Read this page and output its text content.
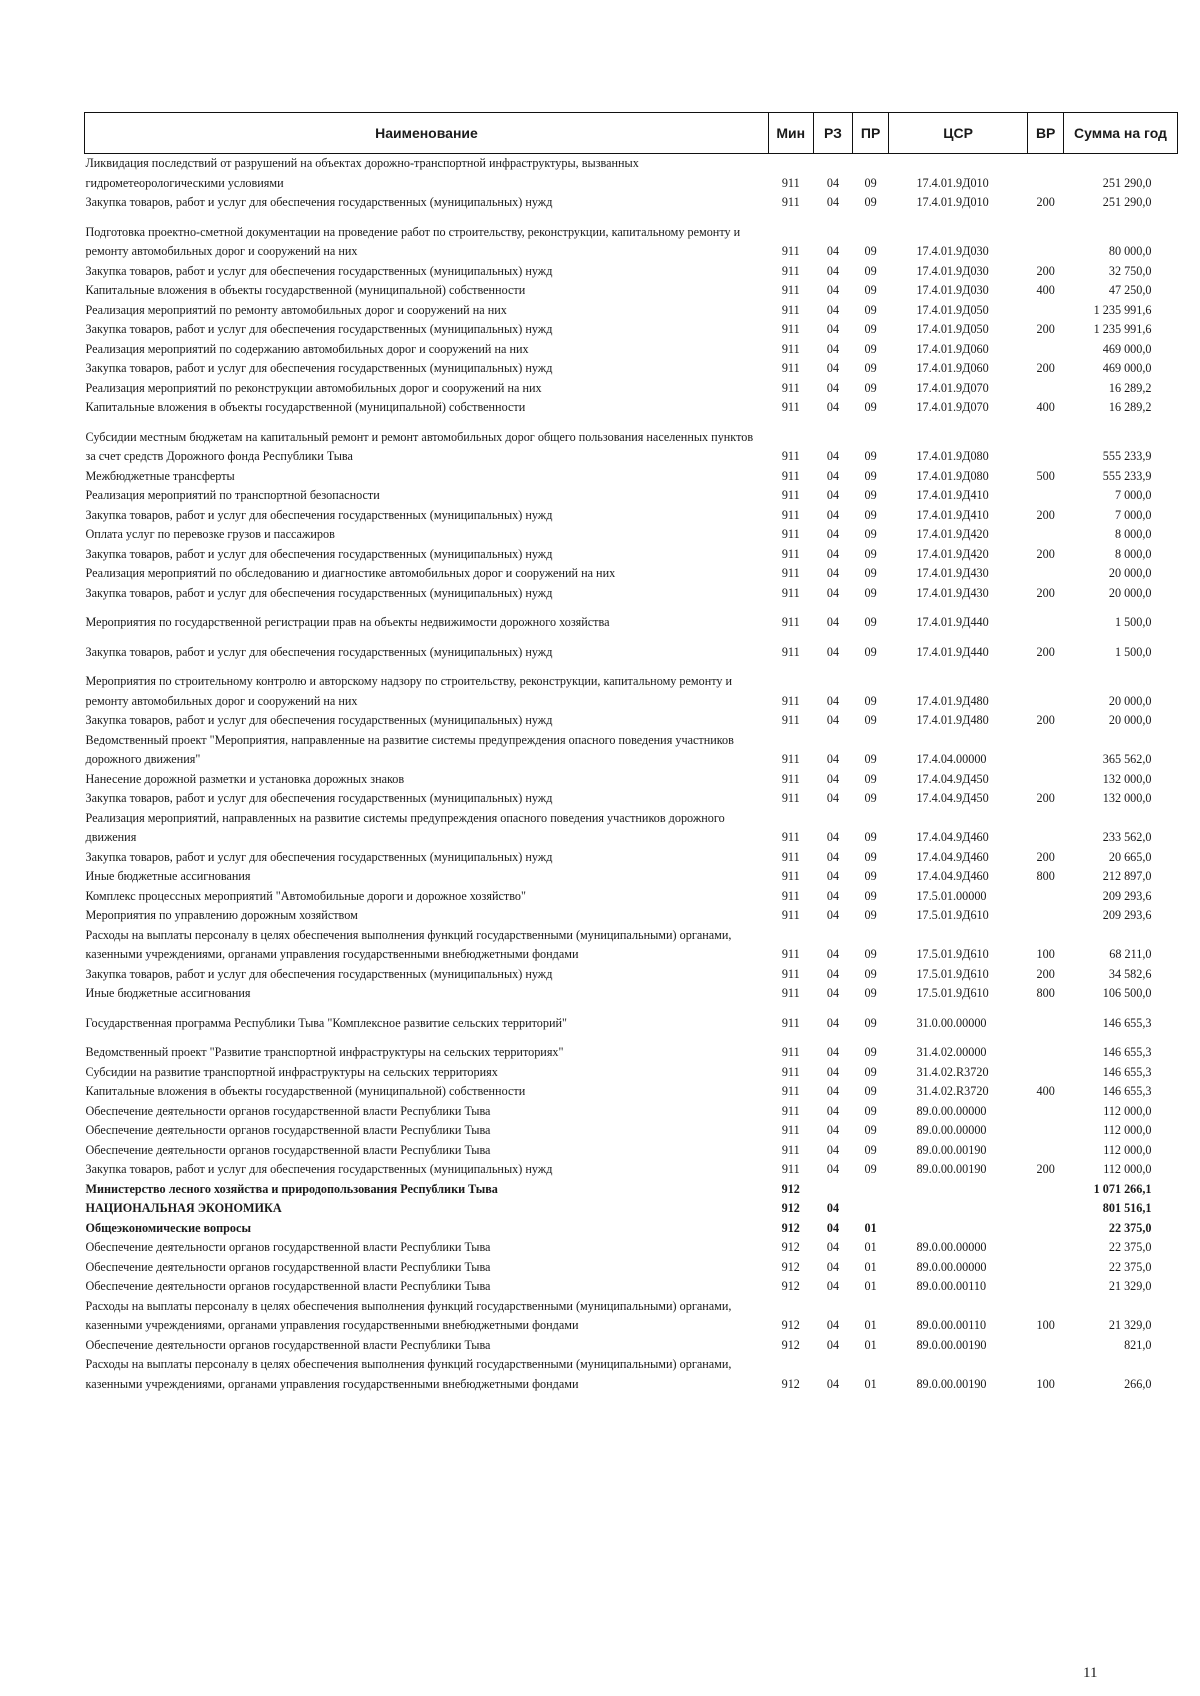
Наименование	Мин	РЗ	ПР	ЦСР	ВР	Сумма на год
Ликвидация последствий от разрушений на объектах дорожно-транспортной инфраструктуры, вызванных гидрометеорологическими условиями	911	04	09	17.4.01.9Д010		251 290,0
Закупка товаров, работ и услуг для обеспечения государственных (муниципальных) нужд	911	04	09	17.4.01.9Д010	200	251 290,0
Подготовка проектно-сметной документации на проведение работ по строительству, реконструкции, капитальному ремонту и ремонту автомобильных дорог и сооружений на них	911	04	09	17.4.01.9Д030		80 000,0
Закупка товаров, работ и услуг для обеспечения государственных (муниципальных) нужд	911	04	09	17.4.01.9Д030	200	32 750,0
Капитальные вложения в объекты государственной (муниципальной) собственности	911	04	09	17.4.01.9Д030	400	47 250,0
Реализация мероприятий по ремонту автомобильных дорог и сооружений на них	911	04	09	17.4.01.9Д050		1 235 991,6
Закупка товаров, работ и услуг для обеспечения государственных (муниципальных) нужд	911	04	09	17.4.01.9Д050	200	1 235 991,6
Реализация мероприятий по содержанию автомобильных дорог и сооружений на них	911	04	09	17.4.01.9Д060		469 000,0
Закупка товаров, работ и услуг для обеспечения государственных (муниципальных) нужд	911	04	09	17.4.01.9Д060	200	469 000,0
Реализация мероприятий по реконструкции автомобильных дорог и сооружений на них	911	04	09	17.4.01.9Д070		16 289,2
Капитальные вложения в объекты государственной (муниципальной) собственности	911	04	09	17.4.01.9Д070	400	16 289,2
Субсидии местным бюджетам на капитальный ремонт и ремонт автомобильных дорог общего пользования населенных пунктов за счет средств Дорожного фонда Республики Тыва	911	04	09	17.4.01.9Д080		555 233,9
Межбюджетные трансферты	911	04	09	17.4.01.9Д080	500	555 233,9
Реализация мероприятий по транспортной безопасности	911	04	09	17.4.01.9Д410		7 000,0
Закупка товаров, работ и услуг для обеспечения государственных (муниципальных) нужд	911	04	09	17.4.01.9Д410	200	7 000,0
Оплата услуг по перевозке грузов и пассажиров	911	04	09	17.4.01.9Д420		8 000,0
Закупка товаров, работ и услуг для обеспечения государственных (муниципальных) нужд	911	04	09	17.4.01.9Д420	200	8 000,0
Реализация мероприятий по обследованию и диагностике автомобильных дорог и сооружений на них	911	04	09	17.4.01.9Д430		20 000,0
Закупка товаров, работ и услуг для обеспечения государственных (муниципальных) нужд	911	04	09	17.4.01.9Д430	200	20 000,0
Мероприятия по государственной регистрации прав на объекты недвижимости дорожного хозяйства	911	04	09	17.4.01.9Д440		1 500,0
Закупка товаров, работ и услуг для обеспечения государственных (муниципальных) нужд	911	04	09	17.4.01.9Д440	200	1 500,0
Мероприятия по строительному контролю и авторскому надзору по строительству, реконструкции, капитальному ремонту и ремонту автомобильных дорог и сооружений на них	911	04	09	17.4.01.9Д480		20 000,0
Закупка товаров, работ и услуг для обеспечения государственных (муниципальных) нужд	911	04	09	17.4.01.9Д480	200	20 000,0
Ведомственный проект "Мероприятия, направленные на развитие системы предупреждения опасного поведения участников дорожного движения"	911	04	09	17.4.04.00000		365 562,0
Нанесение дорожной разметки и установка дорожных знаков	911	04	09	17.4.04.9Д450		132 000,0
Закупка товаров, работ и услуг для обеспечения государственных (муниципальных) нужд	911	04	09	17.4.04.9Д450	200	132 000,0
Реализация мероприятий, направленных на развитие системы предупреждения опасного поведения участников дорожного движения	911	04	09	17.4.04.9Д460		233 562,0
Закупка товаров, работ и услуг для обеспечения государственных (муниципальных) нужд	911	04	09	17.4.04.9Д460	200	20 665,0
Иные бюджетные ассигнования	911	04	09	17.4.04.9Д460	800	212 897,0
Комплекс процессных мероприятий "Автомобильные дороги и дорожное хозяйство"	911	04	09	17.5.01.00000		209 293,6
Мероприятия по управлению дорожным хозяйством	911	04	09	17.5.01.9Д610		209 293,6
Расходы на выплаты персоналу в целях обеспечения выполнения функций государственными (муниципальными) органами, казенными учреждениями, органами управления государственными внебюджетными фондами	911	04	09	17.5.01.9Д610	100	68 211,0
Закупка товаров, работ и услуг для обеспечения государственных (муниципальных) нужд	911	04	09	17.5.01.9Д610	200	34 582,6
Иные бюджетные ассигнования	911	04	09	17.5.01.9Д610	800	106 500,0
Государственная программа Республики Тыва "Комплексное развитие сельских территорий"	911	04	09	31.0.00.00000		146 655,3
Ведомственный проект "Развитие транспортной инфраструктуры на сельских территориях"	911	04	09	31.4.02.00000		146 655,3
Субсидии на развитие транспортной инфраструктуры на сельских территориях	911	04	09	31.4.02.R3720		146 655,3
Капитальные вложения в объекты государственной (муниципальной) собственности	911	04	09	31.4.02.R3720	400	146 655,3
Обеспечение деятельности органов государственной власти Республики Тыва	911	04	09	89.0.00.00000		112 000,0
Обеспечение деятельности органов государственной власти Республики Тыва	911	04	09	89.0.00.00000		112 000,0
Обеспечение деятельности органов государственной власти Республики Тыва	911	04	09	89.0.00.00190		112 000,0
Закупка товаров, работ и услуг для обеспечения государственных (муниципальных) нужд	911	04	09	89.0.00.00190	200	112 000,0
Министерство лесного хозяйства и природопользования Республики Тыва	912					1 071 266,1
НАЦИОНАЛЬНАЯ ЭКОНОМИКА	912	04				801 516,1
Общеэкономические вопросы	912	04	01			22 375,0
Обеспечение деятельности органов государственной власти Республики Тыва	912	04	01	89.0.00.00000		22 375,0
Обеспечение деятельности органов государственной власти Республики Тыва	912	04	01	89.0.00.00000		22 375,0
Обеспечение деятельности органов государственной власти Республики Тыва	912	04	01	89.0.00.00110		21 329,0
Расходы на выплаты персоналу в целях обеспечения выполнения функций государственными (муниципальными) органами, казенными учреждениями, органами управления государственными внебюджетными фондами	912	04	01	89.0.00.00110	100	21 329,0
Обеспечение деятельности органов государственной власти Республики Тыва	912	04	01	89.0.00.00190		821,0
Расходы на выплаты персоналу в целях обеспечения выполнения функций государственными (муниципальными) органами, казенными учреждениями, органами управления государственными внебюджетными фондами	912	04	01	89.0.00.00190	100	266,0
11
